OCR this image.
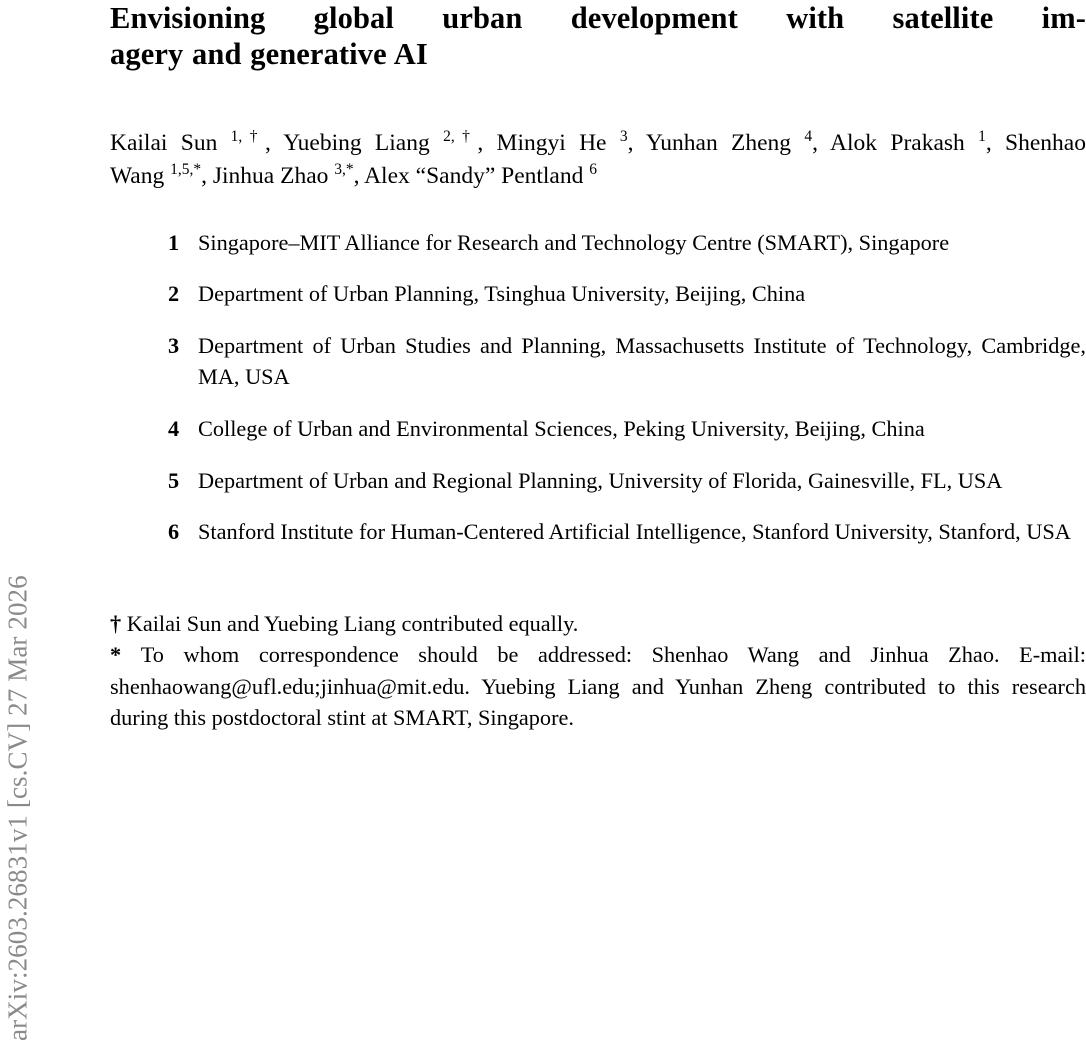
arXiv:2603.26831v1 [cs.CV] 27 Mar 2026
Envisioning global urban development with satellite im-
agery and generative AI
Kailai Sun $^{1,\dagger}$, Yuebing Liang $^{2,\dagger}$, Mingyi He $^3$, Yunhan Zheng $^4$, Alok Prakash $^1$, Shenhao
Wang $^{1,5,*}$, Jinhua Zhao $^{3,*}$, Alex “Sandy” Pentland $^6$
1 Singapore–MIT Alliance for Research and Technology Centre (SMART), Singapore
2 Department of Urban Planning, Tsinghua University, Beijing, China
3 Department of Urban Studies and Planning, Massachusetts Institute of Technology, Cambridge, MA, USA
4 College of Urban and Environmental Sciences, Peking University, Beijing, China
5 Department of Urban and Regional Planning, University of Florida, Gainesville, FL, USA
6 Stanford Institute for Human-Centered Artificial Intelligence, Stanford University, Stanford, USA

† Kailai Sun and Yuebing Liang contributed equally.

* To whom correspondence should be addressed: Shenhao Wang and Jinhua Zhao. E-mail: shenhaowang@ufl.edu;jinhua@mit.edu. Yuebing Liang and Yunhan Zheng contributed to this research during this postdoctoral stint at SMART, Singapore.
